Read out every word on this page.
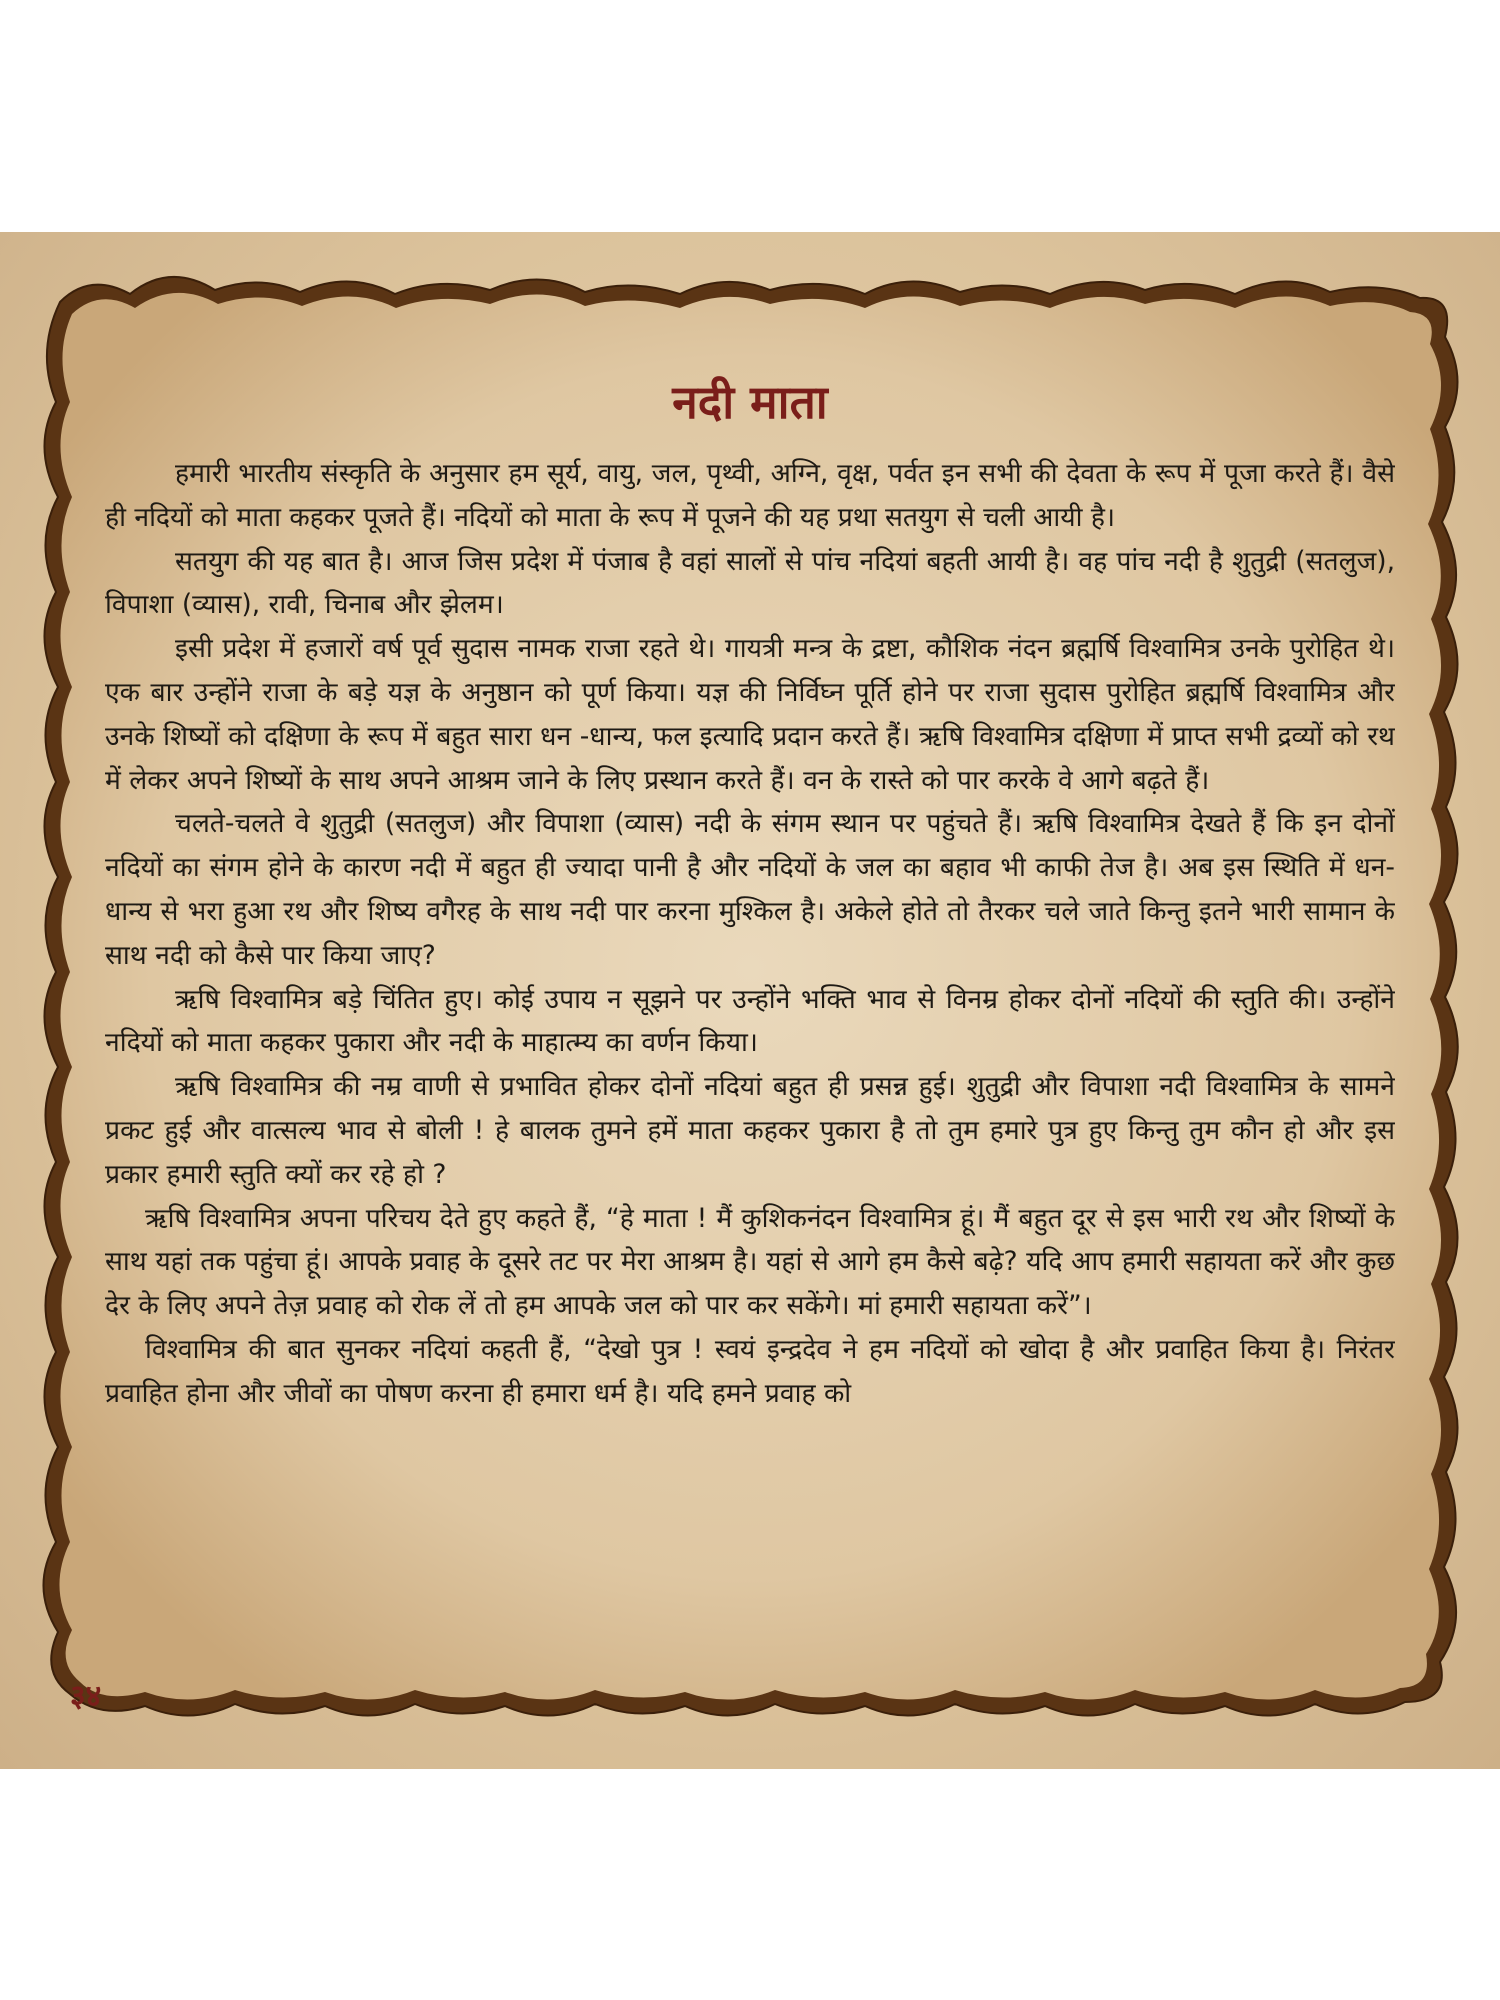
नदी माता

हमारी भारतीय संस्कृति के अनुसार हम सूर्य, वायु, जल, पृथ्वी, अग्नि, वृक्ष, पर्वत इन सभी की देवता के रूप में पूजा करते हैं। वैसे ही नदियों को माता कहकर पूजते हैं। नदियों को माता के रूप में पूजने की यह प्रथा सतयुग से चली आयी है।

सतयुग की यह बात है। आज जिस प्रदेश में पंजाब है वहां सालों से पांच नदियां बहती आयी है। वह पांच नदी है शुतुद्री (सतलुज), विपाशा (व्यास), रावी, चिनाब और झेलम।

इसी प्रदेश में हजारों वर्ष पूर्व सुदास नामक राजा रहते थे। गायत्री मन्त्र के द्रष्टा, कौशिक नंदन ब्रह्मर्षि विश्वामित्र उनके पुरोहित थे। एक बार उन्होंने राजा के बड़े यज्ञ के अनुष्ठान को पूर्ण किया। यज्ञ की निर्विघ्न पूर्ति होने पर राजा सुदास पुरोहित ब्रह्मर्षि विश्वामित्र और उनके शिष्यों को दक्षिणा के रूप में बहुत सारा धन -धान्य, फल इत्यादि प्रदान करते हैं। ऋषि विश्वामित्र दक्षिणा में प्राप्त सभी द्रव्यों को रथ में लेकर अपने शिष्यों के साथ अपने आश्रम जाने के लिए प्रस्थान करते हैं। वन के रास्ते को पार करके वे आगे बढ़ते हैं।

चलते-चलते वे शुतुद्री (सतलुज) और विपाशा (व्यास) नदी के संगम स्थान पर पहुंचते हैं। ऋषि विश्वामित्र देखते हैं कि इन दोनों नदियों का संगम होने के कारण नदी में बहुत ही ज्यादा पानी है और नदियों के जल का बहाव भी काफी तेज है। अब इस स्थिति में धन-धान्य से भरा हुआ रथ और शिष्य वगैरह के साथ नदी पार करना मुश्किल है। अकेले होते तो तैरकर चले जाते किन्तु इतने भारी सामान के साथ नदी को कैसे पार किया जाए?

ऋषि विश्वामित्र बड़े चिंतित हुए। कोई उपाय न सूझने पर उन्होंने भक्ति भाव से विनम्र होकर दोनों नदियों की स्तुति की। उन्होंने नदियों को माता कहकर पुकारा और नदी के माहात्म्य का वर्णन किया।

ऋषि विश्वामित्र की नम्र वाणी से प्रभावित होकर दोनों नदियां बहुत ही प्रसन्न हुई। शुतुद्री और विपाशा नदी विश्वामित्र के सामने प्रकट हुई और वात्सल्य भाव से बोली ! हे बालक तुमने हमें माता कहकर पुकारा है तो तुम हमारे पुत्र हुए किन्तु तुम कौन हो और इस प्रकार हमारी स्तुति क्यों कर रहे हो ?

ऋषि विश्वामित्र अपना परिचय देते हुए कहते हैं, “हे माता ! मैं कुशिकनंदन विश्वामित्र हूं। मैं बहुत दूर से इस भारी रथ और शिष्यों के साथ यहां तक पहुंचा हूं। आपके प्रवाह के दूसरे तट पर मेरा आश्रम है। यहां से आगे हम कैसे बढ़े? यदि आप हमारी सहायता करें और कुछ देर के लिए अपने तेज़ प्रवाह को रोक लें तो हम आपके जल को पार कर सकेंगे। मां हमारी सहायता करें”।

विश्वामित्र की बात सुनकर नदियां कहती हैं, “देखो पुत्र ! स्वयं इन्द्रदेव ने हम नदियों को खोदा है और प्रवाहित किया है। निरंतर प्रवाहित होना और जीवों का पोषण करना ही हमारा धर्म है। यदि हमने प्रवाह को

३४
